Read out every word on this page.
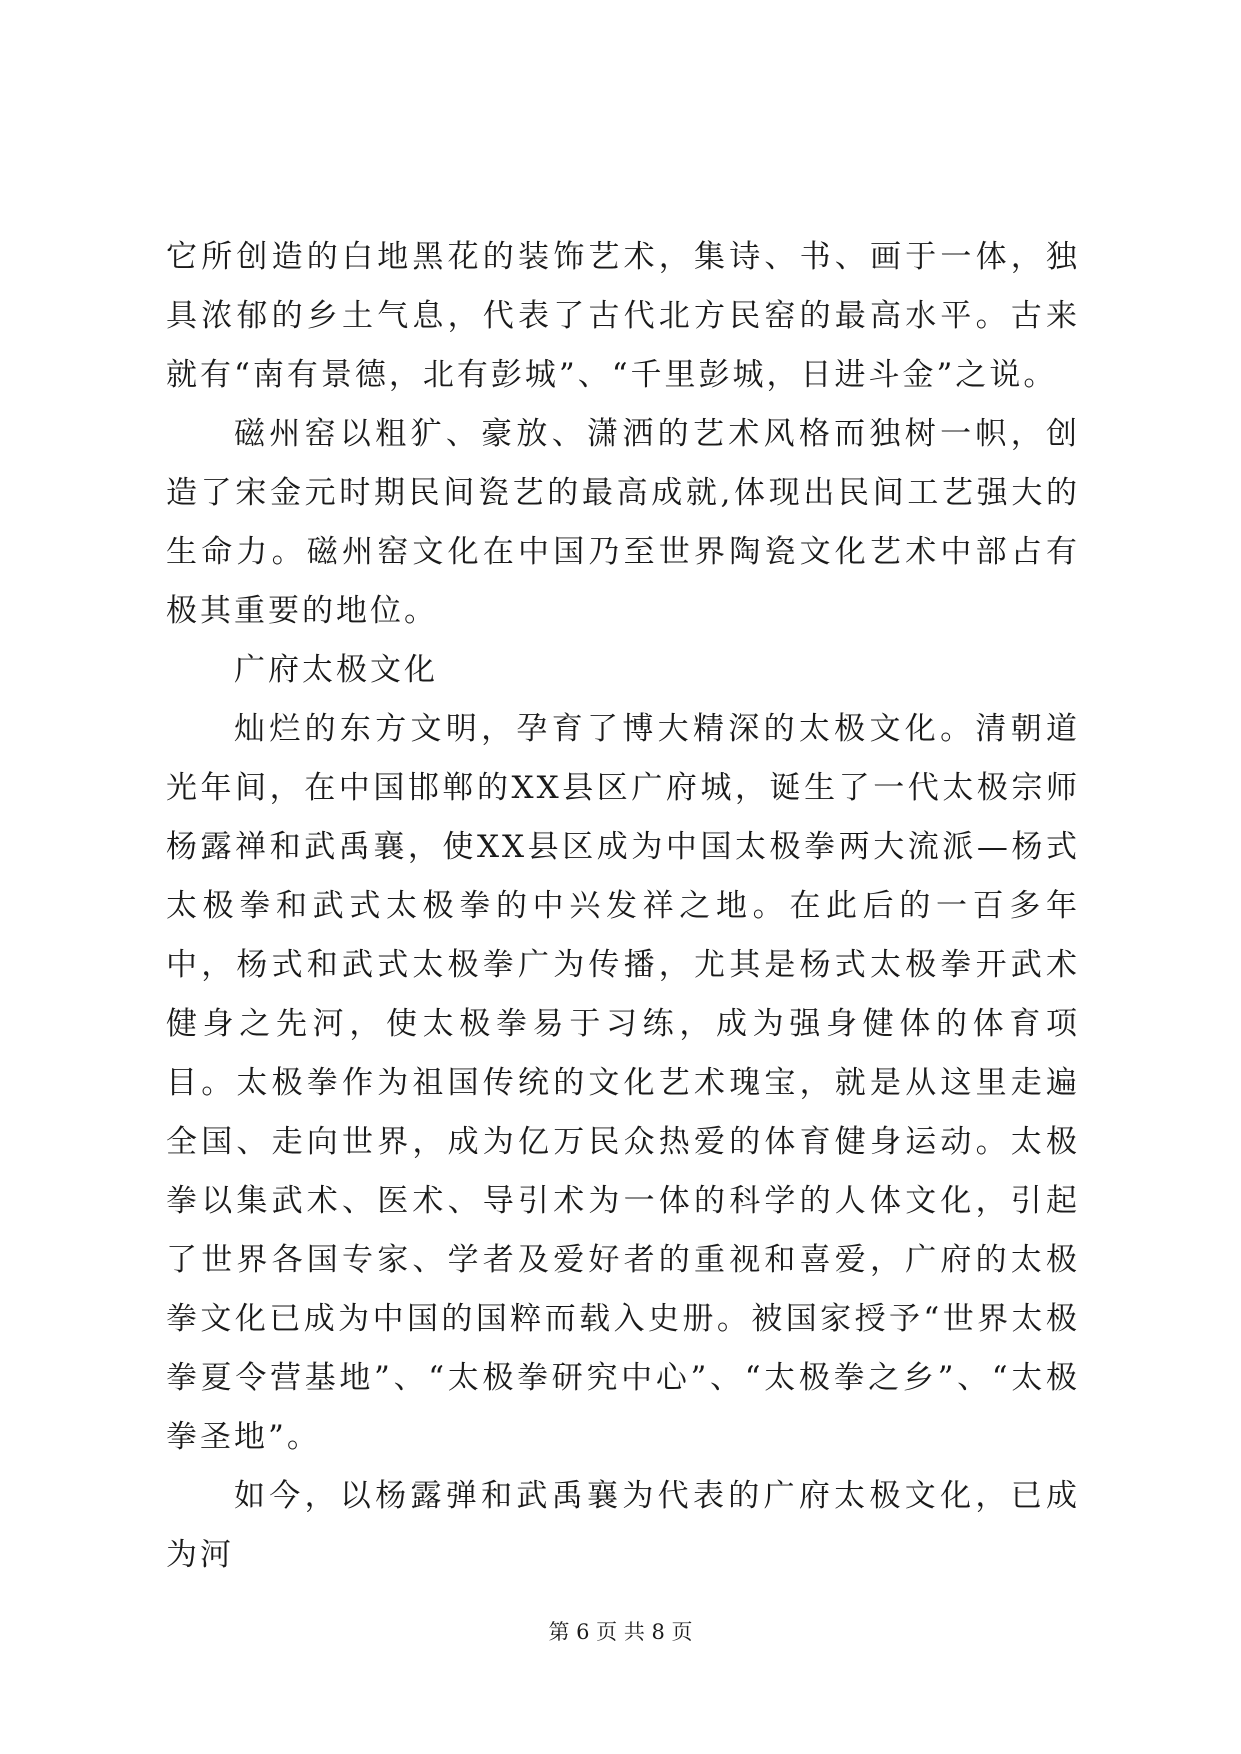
它所创造的白地黑花的装饰艺术，集诗、书、画于一体，独具浓郁的乡土气息，代表了古代北方民窑的最高水平。古来就有“南有景德，北有彭城”、“千里彭城，日进斗金”之说。

磁州窑以粗犷、豪放、潇洒的艺术风格而独树一帜，创造了宋金元时期民间瓷艺的最高成就,体现出民间工艺强大的生命力。磁州窑文化在中国乃至世界陶瓷文化艺术中部占有极其重要的地位。

广府太极文化

灿烂的东方文明，孕育了博大精深的太极文化。清朝道光年间，在中国邯郸的XX县区广府城，诞生了一代太极宗师杨露禅和武禹襄，使XX县区成为中国太极拳两大流派—杨式太极拳和武式太极拳的中兴发祥之地。在此后的一百多年中，杨式和武式太极拳广为传播，尤其是杨式太极拳开武术健身之先河，使太极拳易于习练，成为强身健体的体育项目。太极拳作为祖国传统的文化艺术瑰宝，就是从这里走遍全国、走向世界，成为亿万民众热爱的体育健身运动。太极拳以集武术、医术、导引术为一体的科学的人体文化，引起了世界各国专家、学者及爱好者的重视和喜爱，广府的太极拳文化已成为中国的国粹而载入史册。被国家授予“世界太极拳夏令营基地”、“太极拳研究中心”、“太极拳之乡”、“太极拳圣地”。

如今，以杨露弹和武禹襄为代表的广府太极文化，已成为河

第 6 页 共 8 页
